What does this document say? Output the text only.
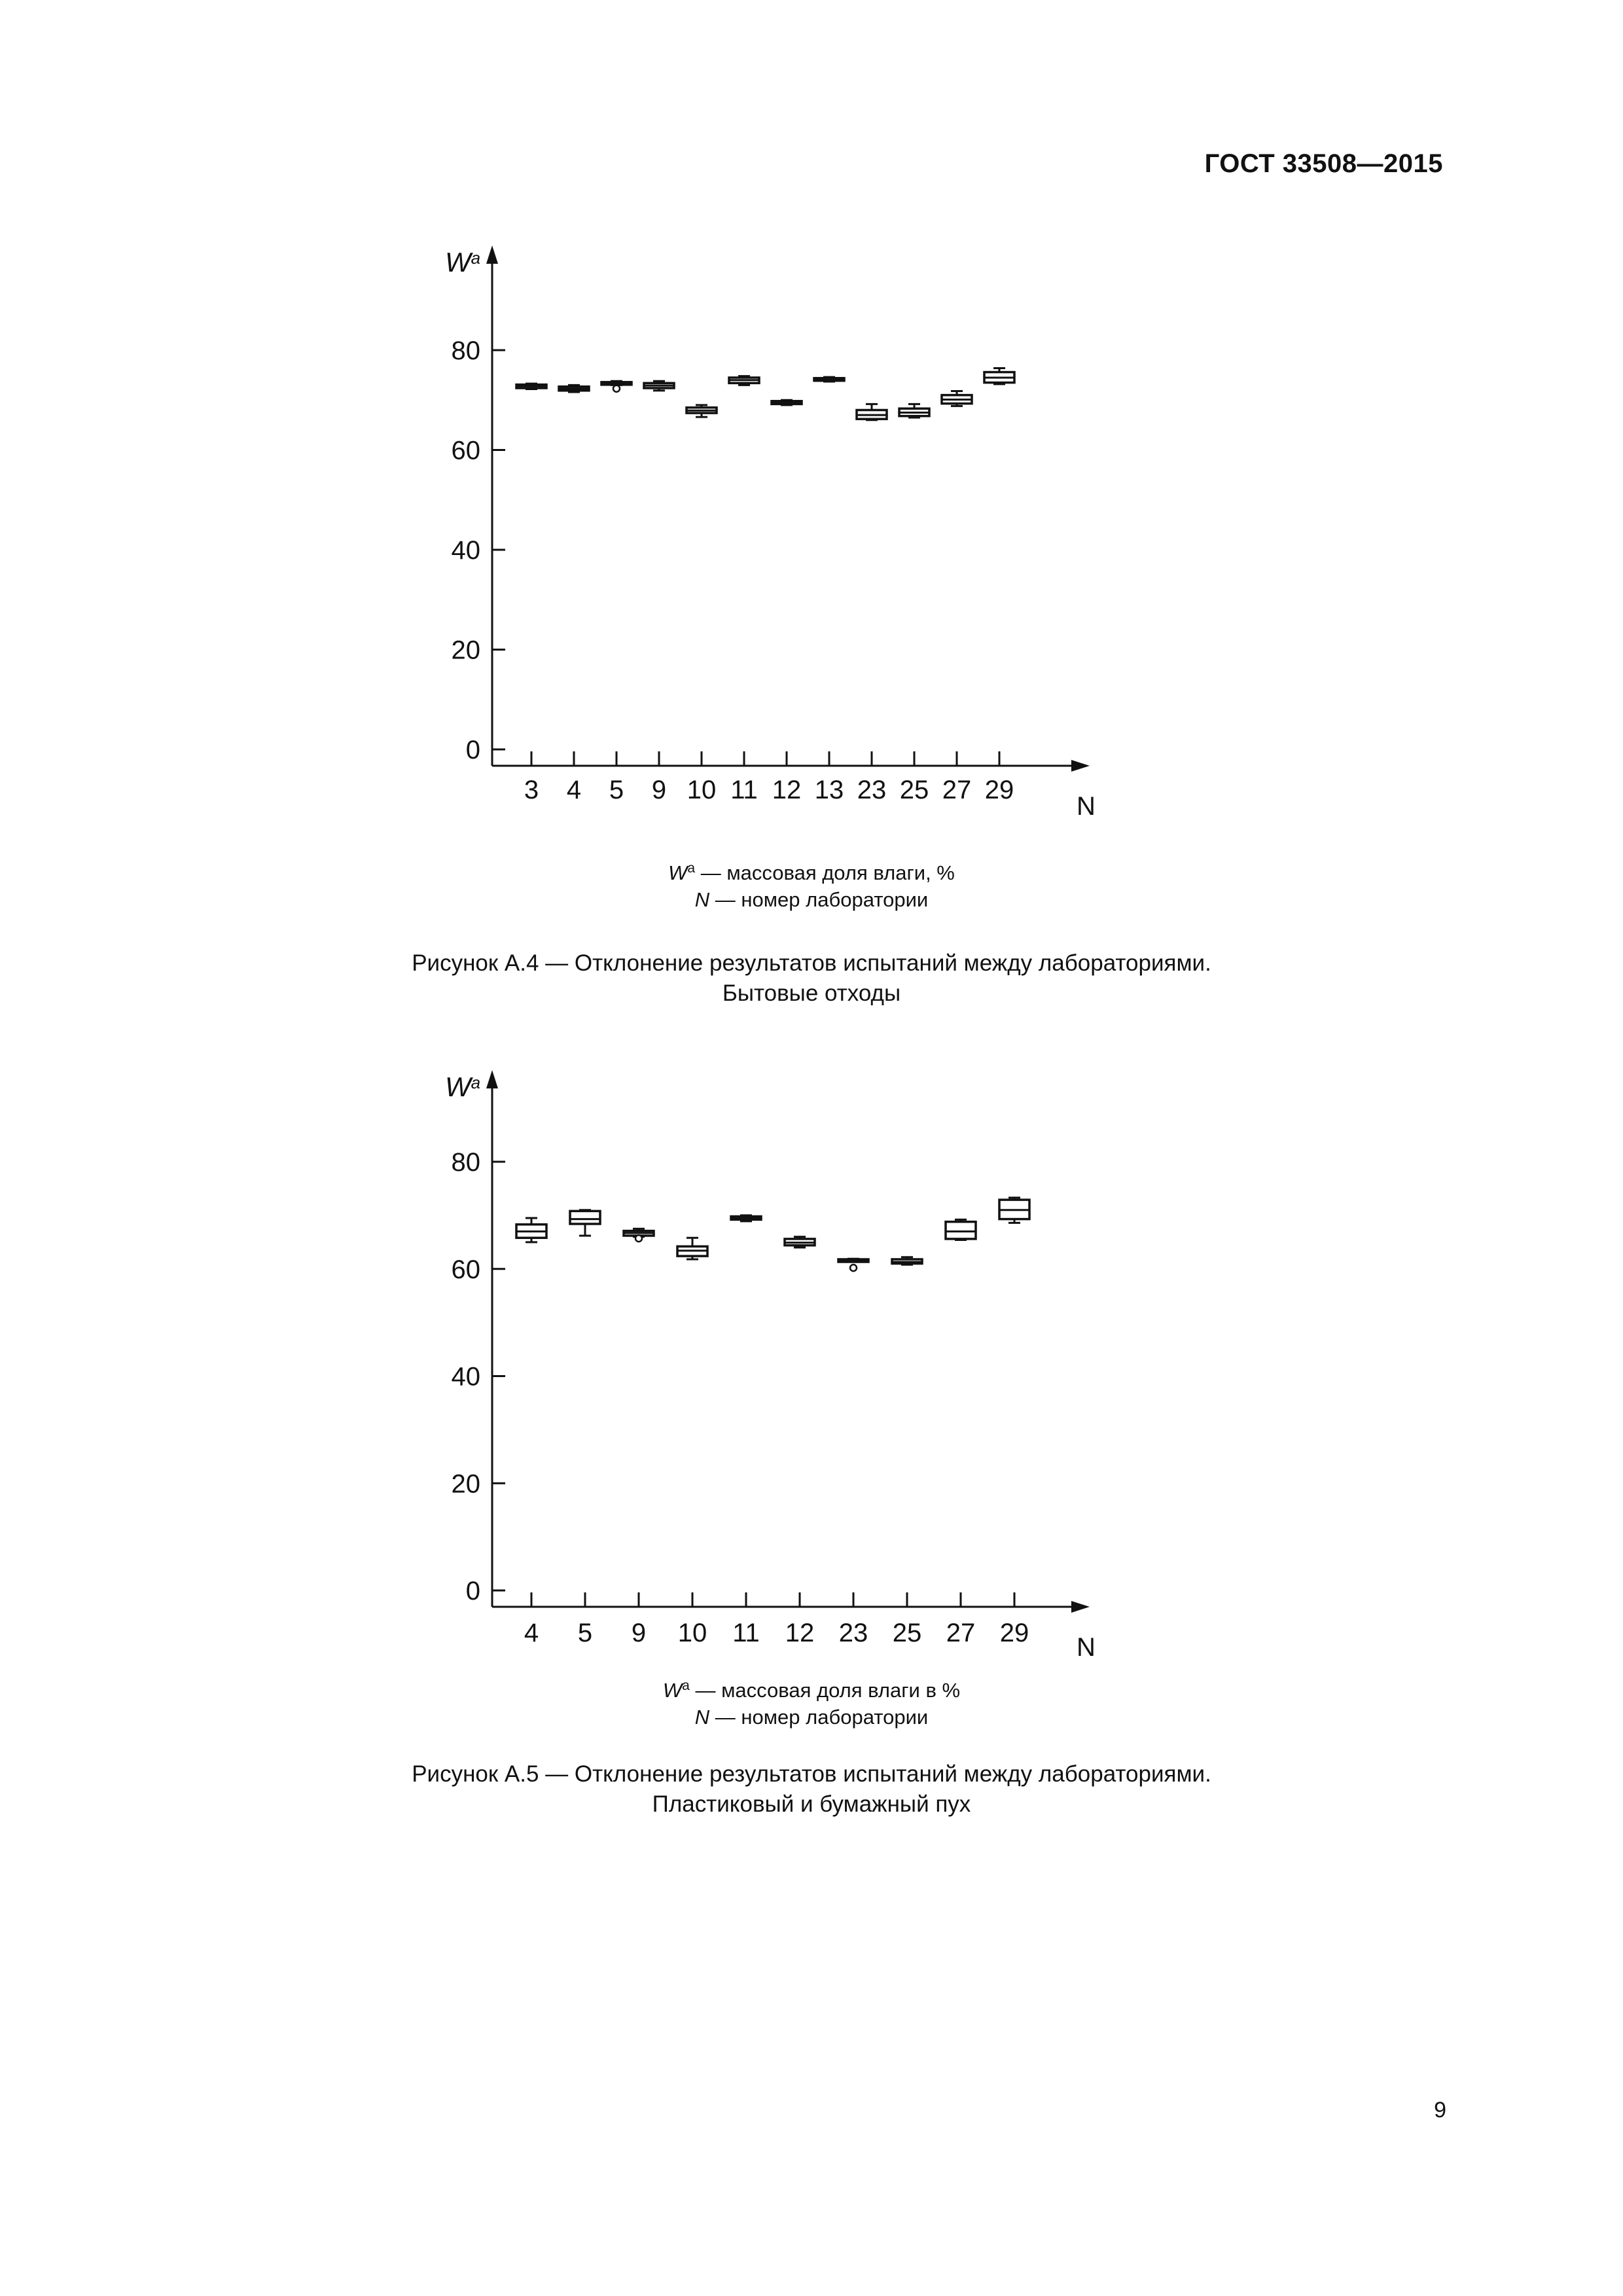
ГОСТ 33508—2015
$W^a$
0
20
40
60
80
3 4 5 9 10 11 12 13 23 25 27 29
N
$W^a$ — массовая доля влаги, %
N — номер лаборатории
Рисунок А.4 — Отклонение результатов испытаний между лабораториями.
Бытовые отходы
$W^a$
0
20
40
60
80
4 5 9 10 11 12 23 25 27 29 N
$W^a$ — массовая доля влаги в %
N — номер лаборатории
Рисунок А.5 — Отклонение результатов испытаний между лабораториями.
Пластиковый и бумажный пух
9
